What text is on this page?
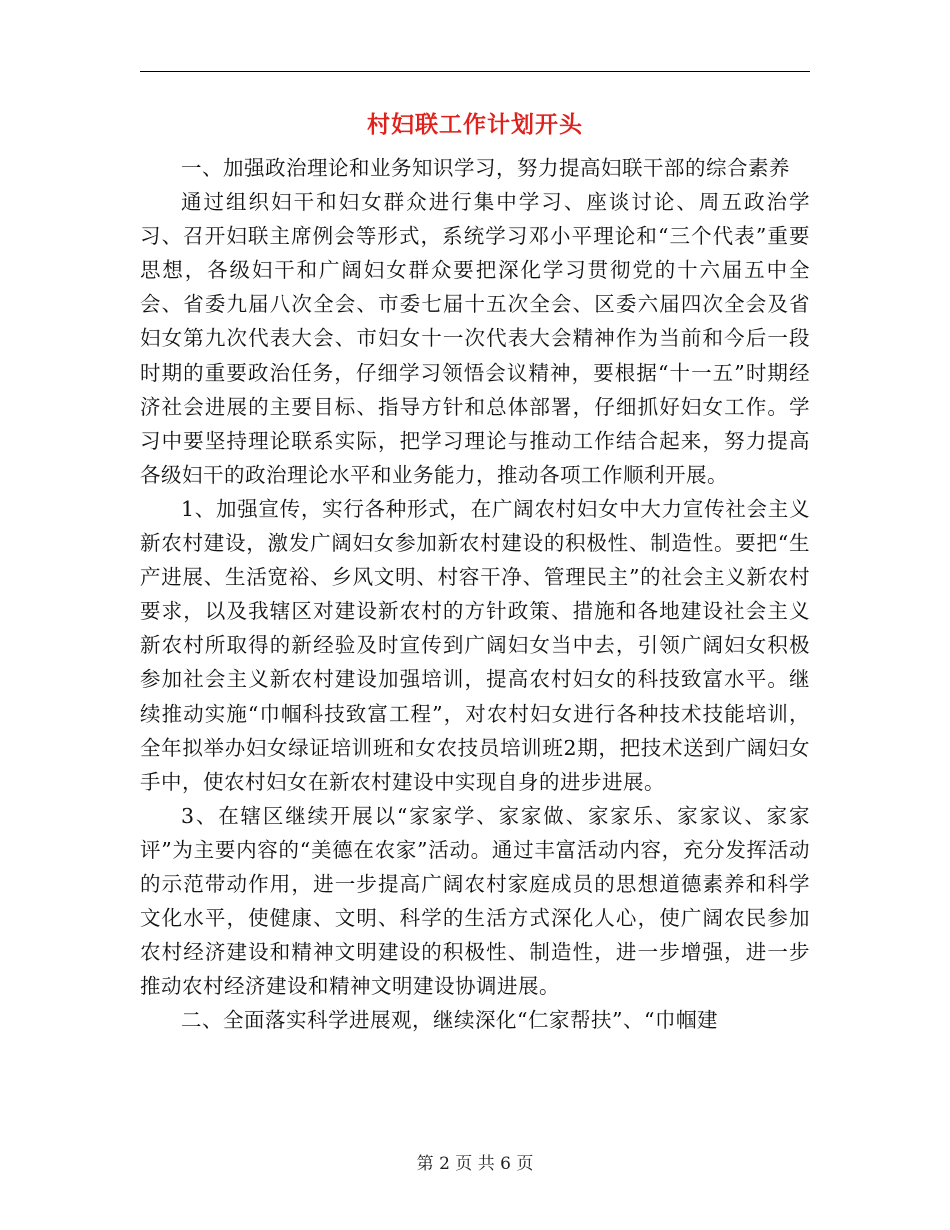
村妇联工作计划开头

一、加强政治理论和业务知识学习，努力提高妇联干部的综合素养

通过组织妇干和妇女群众进行集中学习、座谈讨论、周五政治学习、召开妇联主席例会等形式，系统学习邓小平理论和“三个代表”重要思想，各级妇干和广阔妇女群众要把深化学习贯彻党的十六届五中全会、省委九届八次全会、市委七届十五次全会、区委六届四次全会及省妇女第九次代表大会、市妇女十一次代表大会精神作为当前和今后一段时期的重要政治任务，仔细学习领悟会议精神，要根据“十一五”时期经济社会进展的主要目标、指导方针和总体部署，仔细抓好妇女工作。学习中要坚持理论联系实际，把学习理论与推动工作结合起来，努力提高各级妇干的政治理论水平和业务能力，推动各项工作顺利开展。

1、加强宣传，实行各种形式，在广阔农村妇女中大力宣传社会主义新农村建设，激发广阔妇女参加新农村建设的积极性、制造性。要把“生产进展、生活宽裕、乡风文明、村容干净、管理民主”的社会主义新农村要求，以及我辖区对建设新农村的方针政策、措施和各地建设社会主义新农村所取得的新经验及时宣传到广阔妇女当中去，引领广阔妇女积极参加社会主义新农村建设加强培训，提高农村妇女的科技致富水平。继续推动实施“巾帼科技致富工程”，对农村妇女进行各种技术技能培训，全年拟举办妇女绿证培训班和女农技员培训班2期，把技术送到广阔妇女手中，使农村妇女在新农村建设中实现自身的进步进展。

3、在辖区继续开展以“家家学、家家做、家家乐、家家议、家家评”为主要内容的“美德在农家”活动。通过丰富活动内容，充分发挥活动的示范带动作用，进一步提高广阔农村家庭成员的思想道德素养和科学文化水平，使健康、文明、科学的生活方式深化人心，使广阔农民参加农村经济建设和精神文明建设的积极性、制造性，进一步增强，进一步推动农村经济建设和精神文明建设协调进展。

二、全面落实科学进展观，继续深化“仁家帮扶”、“巾帼建

第 2 页 共 6 页
